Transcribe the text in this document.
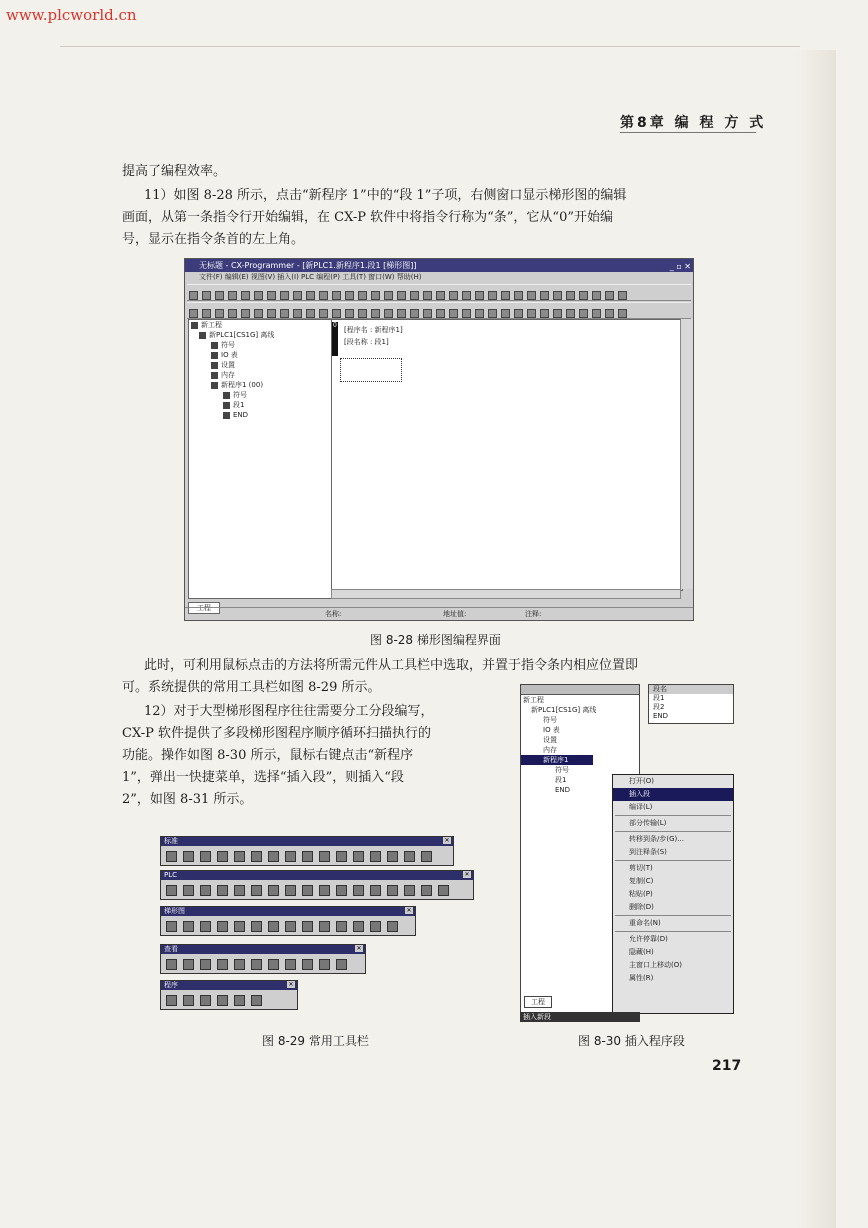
www.plcworld.cn
第8章 编 程 方 式
提高了编程效率。
11）如图 8-28 所示，点击“新程序 1”中的“段 1”子项，右侧窗口显示梯形图的编辑
画面，从第一条指令行开始编辑，在 CX-P 软件中将指令行称为“条”，它从“0”开始编
号，显示在指令条首的左上角。
无标题 - CX-Programmer - [新PLC1.新程序1.段1 [梯形图]]	_ ▫ ✕
文件(F) 编辑(E) 视图(V) 插入(I) PLC 编程(P) 工具(T) 窗口(W) 帮助(H)
新工程
新PLC1[CS1G] 离线
符号
IO 表
设置
内存
新程序1 (00)
符号
段1
END
工程
0
[程序名 : 新程序1]
[段名称 : 段1]
名称:	地址值:	注释:
图 8-28 梯形图编程界面
此时，可利用鼠标点击的方法将所需元件从工具栏中选取，并置于指令条内相应位置即
可。系统提供的常用工具栏如图 8-29 所示。
12）对于大型梯形图程序往往需要分工分段编写，
CX-P 软件提供了多段梯形图程序顺序循环扫描执行的
功能。操作如图 8-30 所示，鼠标右键点击“新程序
1”，弹出一快捷菜单，选择“插入段”，则插入“段
2”，如图 8-31 所示。
标准	✕
PLC	✕
梯形图	✕
查看	✕
程序	✕
图 8-29 常用工具栏
新工程
新PLC1[CS1G] 离线
符号
IO 表
设置
内存
新程序1
符号
段1
END
段名
段1
段2
END
打开(O)
插入段
编译(L)
部分传输(L)
转移到条/步(G)...
到注释条(S)
剪切(T)
复制(C)
粘贴(P)
删除(D)
重命名(N)
允许停靠(D)
隐藏(H)
主窗口上移动(O)
属性(R)
工程
插入新段
图 8-30 插入程序段
217
